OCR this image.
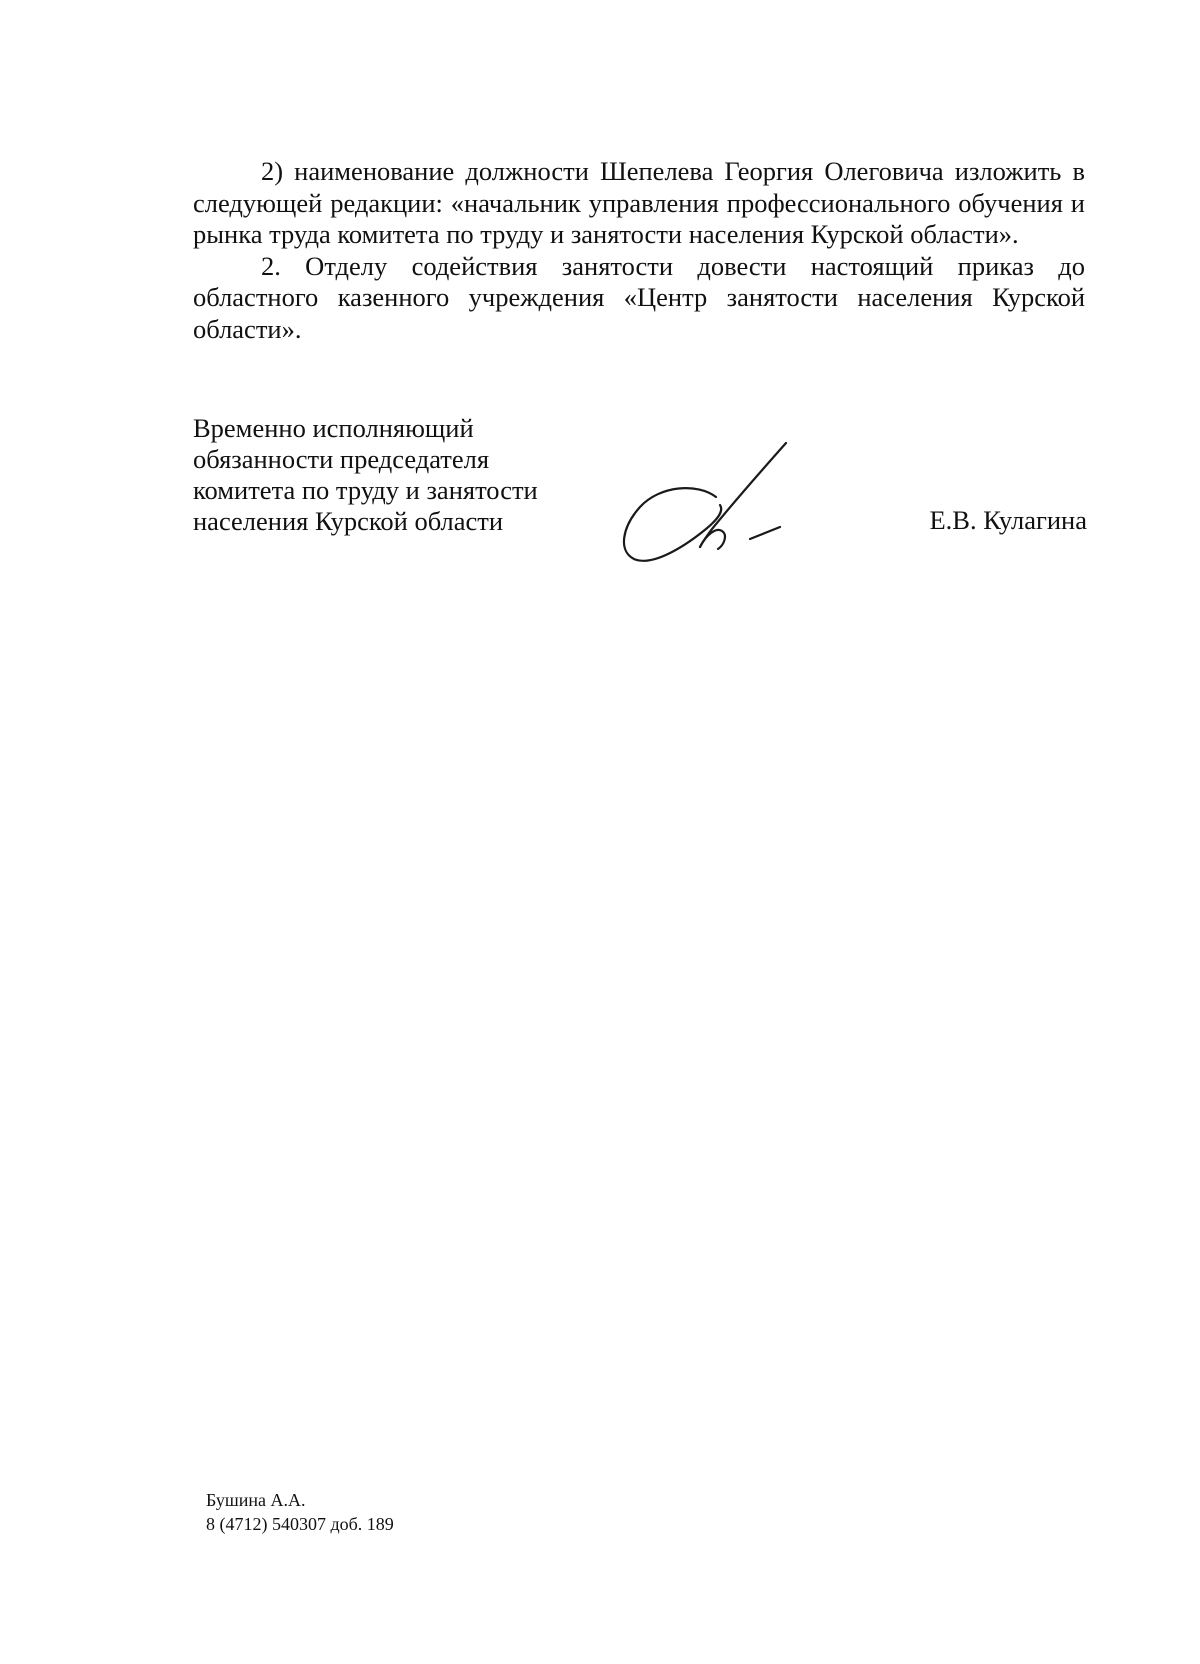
2) наименование должности Шепелева Георгия Олеговича изложить в следующей редакции: «начальник управления профессионального обучения и рынка труда комитета по труду и занятости населения Курской области».

2. Отделу содействия занятости довести настоящий приказ до областного казенного учреждения «Центр занятости населения Курской области».

Временно исполняющий
обязанности председателя
комитета по труду и занятости
населения Курской области	Е.В. Кулагина
Бушина А.А.
8 (4712) 540307 доб. 189
